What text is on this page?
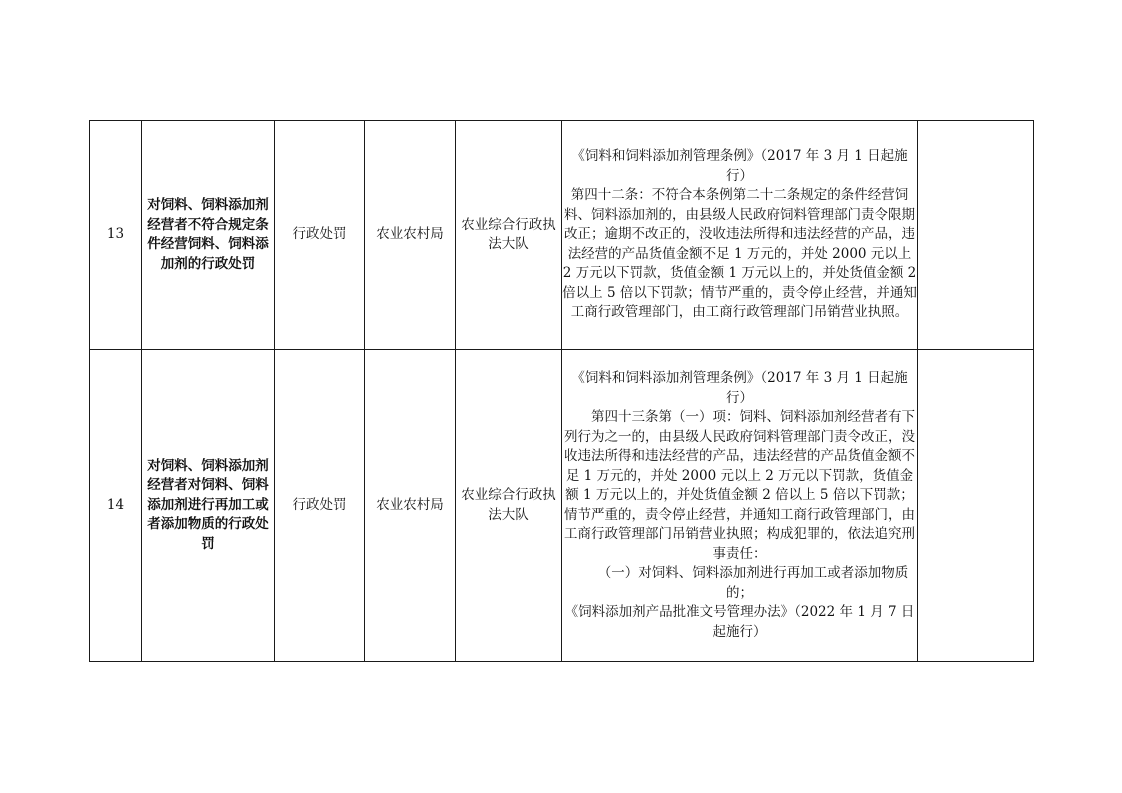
13	对饲料、饲料添加剂经营者不符合规定条件经营饲料、饲料添加剂的行政处罚	行政处罚	农业农村局	农业综合行政执法大队	《饲料和饲料添加剂管理条例》（2017 年 3 月 1 日起施行）

第四十二条：不符合本条例第二十二条规定的条件经营饲料、饲料添加剂的，由县级人民政府饲料管理部门责令限期改正；逾期不改正的，没收违法所得和违法经营的产品，违法经营的产品货值金额不足 1 万元的，并处 2000 元以上 2 万元以下罚款，货值金额 1 万元以上的，并处货值金额 2 倍以上 5 倍以下罚款；情节严重的，责令停止经营，并通知工商行政管理部门，由工商行政管理部门吊销营业执照。	

14	对饲料、饲料添加剂经营者对饲料、饲料添加剂进行再加工或者添加物质的行政处罚	行政处罚	农业农村局	农业综合行政执法大队	《饲料和饲料添加剂管理条例》（2017 年 3 月 1 日起施行）

第四十三条第（一）项：饲料、饲料添加剂经营者有下列行为之一的，由县级人民政府饲料管理部门责令改正，没收违法所得和违法经营的产品，违法经营的产品货值金额不足 1 万元的，并处 2000 元以上 2 万元以下罚款，货值金额 1 万元以上的，并处货值金额 2 倍以上 5 倍以下罚款；情节严重的，责令停止经营，并通知工商行政管理部门，由工商行政管理部门吊销营业执照；构成犯罪的，依法追究刑事责任：

（一）对饲料、饲料添加剂进行再加工或者添加物质的；

《饲料添加剂产品批准文号管理办法》（2022 年 1 月 7 日起施行）	
